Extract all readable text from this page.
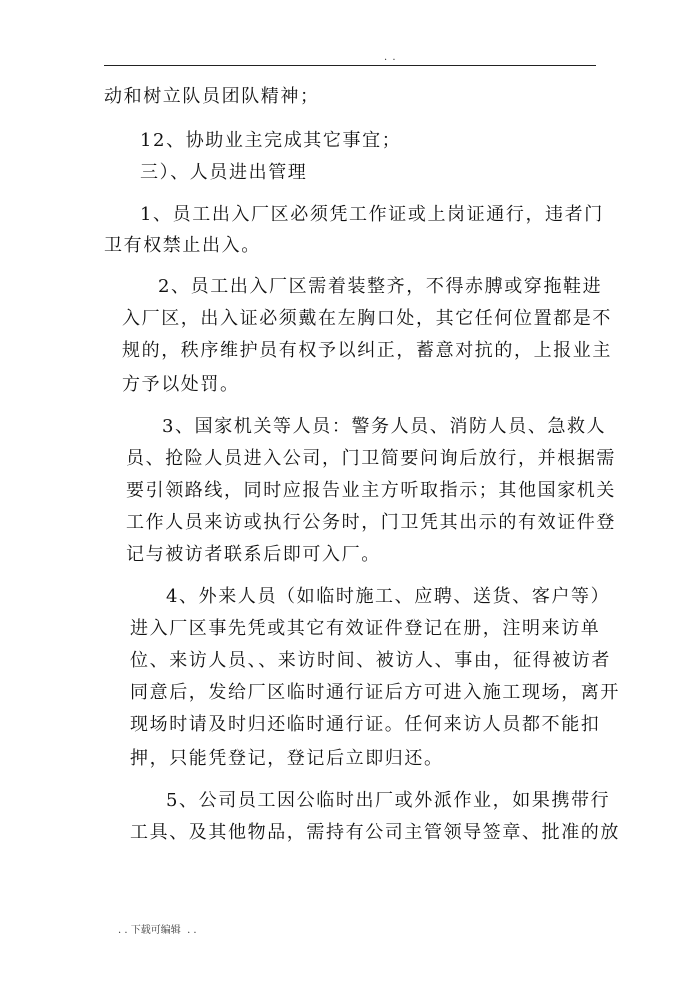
. .
动和树立队员团队精神；
12、协助业主完成其它事宜；
三）、人员进出管理
1、员工出入厂区必须凭工作证或上岗证通行，违者门
卫有权禁止出入。
2、员工出入厂区需着装整齐，不得赤膊或穿拖鞋进
入厂区，出入证必须戴在左胸口处，其它任何位置都是不
规的，秩序维护员有权予以纠正，蓄意对抗的，上报业主
方予以处罚。
3、国家机关等人员：警务人员、消防人员、急救人
员、抢险人员进入公司，门卫简要问询后放行，并根据需
要引领路线，同时应报告业主方听取指示；其他国家机关
工作人员来访或执行公务时，门卫凭其出示的有效证件登
记与被访者联系后即可入厂。
4、外来人员（如临时施工、应聘、送货、客户等）
进入厂区事先凭或其它有效证件登记在册，注明来访单
位、来访人员、、来访时间、被访人、事由，征得被访者
同意后，发给厂区临时通行证后方可进入施工现场，离开
现场时请及时归还临时通行证。任何来访人员都不能扣
押，只能凭登记，登记后立即归还。
5、公司员工因公临时出厂或外派作业，如果携带行
工具、及其他物品，需持有公司主管领导签章、批准的放
. . 下载可编辑  . .
